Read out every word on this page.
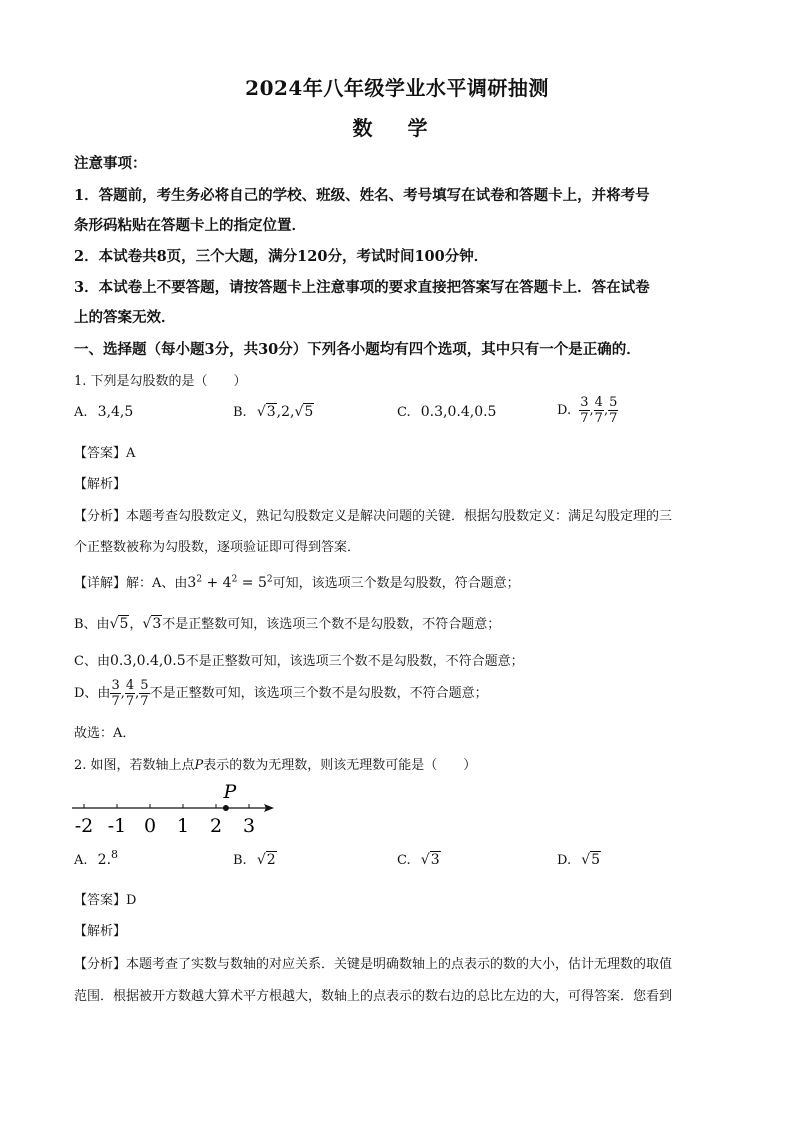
2024年八年级学业水平调研抽测
数 学
注意事项：
1．答题前，考生务必将自己的学校、班级、姓名、考号填写在试卷和答题卡上，并将考号
条形码粘贴在答题卡上的指定位置．
2．本试卷共8页，三个大题，满分120分，考试时间100分钟．
3．本试卷上不要答题，请按答题卡上注意事项的要求直接把答案写在答题卡上．答在试卷
上的答案无效．
一、选择题（每小题3分，共30分）下列各小题均有四个选项，其中只有一个是正确的．
1. 下列是勾股数的是（　　）
A. 3,4,5	B. √3,2,√5	C. 0.3,0.4,0.5	D. $\frac{3}{7}$ , $\frac{4}{7}$ , $\frac{5}{7}$
【答案】A
【解析】
【分析】本题考查勾股数定义，熟记勾股数定义是解决问题的关键．根据勾股数定义：满足勾股定理的三
个正整数被称为勾股数，逐项验证即可得到答案．
【详解】解：A、由$3^2 + 4^2 = 5^2$可知，该选项三个数是勾股数，符合题意；
B、由√5，√3不是正整数可知，该选项三个数不是勾股数，不符合题意；
C、由0.3,0.4,0.5不是正整数可知，该选项三个数不是勾股数，不符合题意；
D、由 $\frac{3}{7}$ , $\frac{4}{7}$ , $\frac{5}{7}$ 不是正整数可知，该选项三个数不是勾股数，不符合题意；
故选：A．
2. 如图，若数轴上点P表示的数为无理数，则该无理数可能是（　　）
-2 -1 0 1 2 3
P
A. 2.$^8$	B. √2	C. √3	D. √5
【答案】D
【解析】
【分析】本题考查了实数与数轴的对应关系．关键是明确数轴上的点表示的数的大小，估计无理数的取值
范围．根据被开方数越大算术平方根越大，数轴上的点表示的数右边的总比左边的大，可得答案．您看到
